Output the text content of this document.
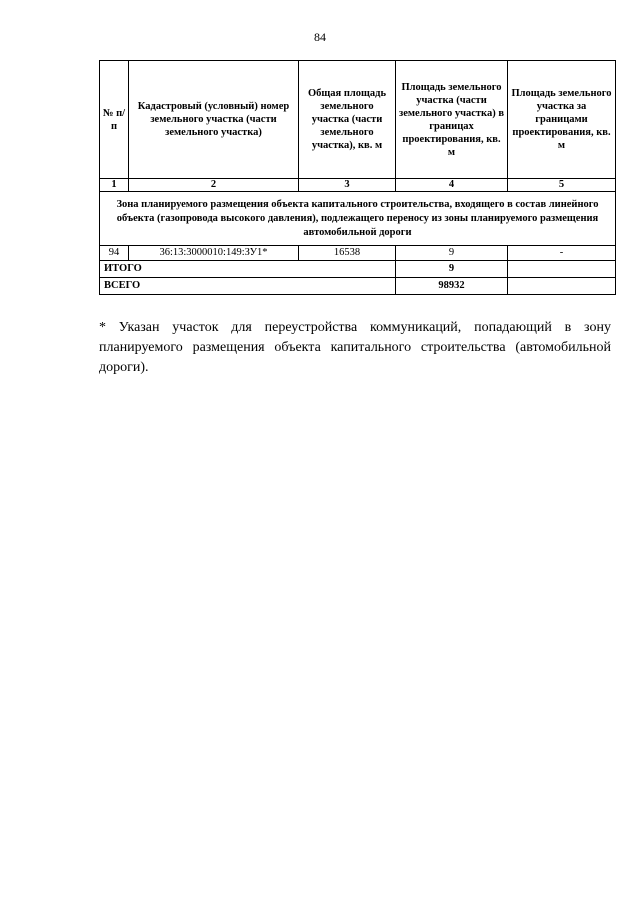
84
№ п/п	Кадастровый (условный) номер земельного участка (части земельного участка)	Общая площадь земельного участка (части земельного участка), кв. м	Площадь земельного участка (части земельного участка) в границах проектирования, кв. м	Площадь земельного участка за границами проектирования, кв. м
1	2	3	4	5
Зона планируемого размещения объекта капитального строительства, входящего в состав линейного объекта (газопровода высокого давления), подлежащего переносу из зоны планируемого размещения автомобильной дороги				
94	36:13:3000010:149:ЗУ1*	16538	9	-
ИТОГО			9	
ВСЕГО			98932	
* Указан участок для переустройства коммуникаций, попадающий в зону планируемого размещения объекта капитального строительства (автомобильной дороги).
